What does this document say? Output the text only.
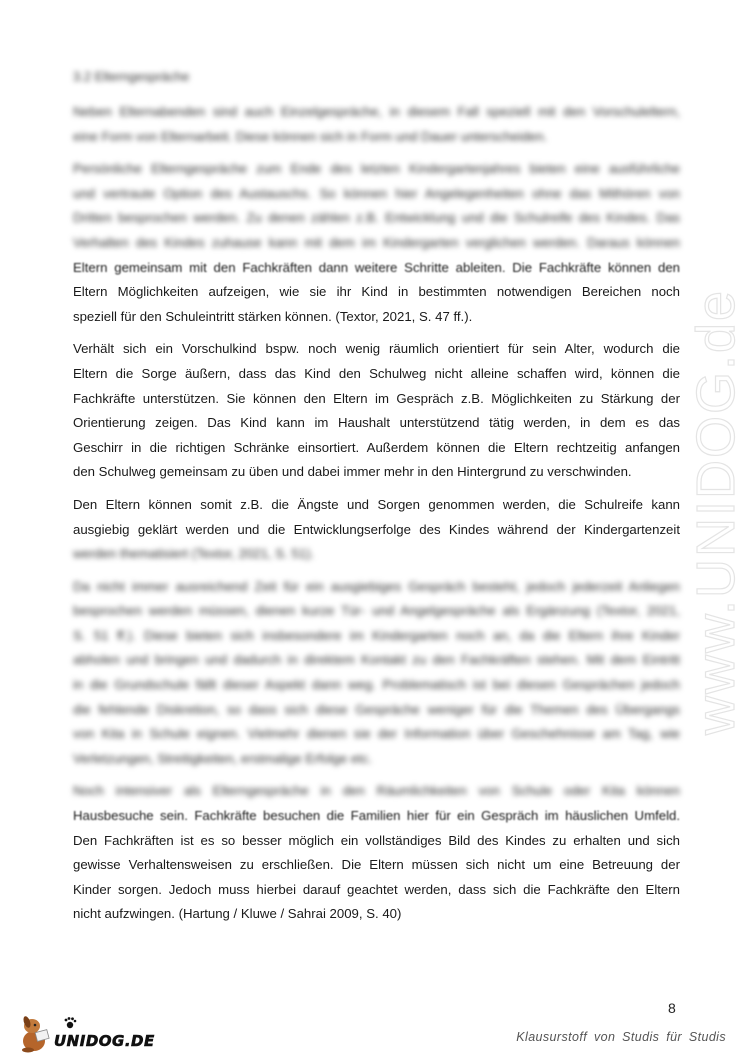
3.2 Elterngespräche
Neben Elternabenden sind auch Einzelgespräche, in diesem Fall speziell mit den Vorschuleltern,
eine Form von Elternarbeit. Diese können sich in Form und Dauer unterscheiden.
Persönliche Elterngespräche zum Ende des letzten Kindergartenjahres bieten eine ausführliche
und vertraute Option des Austauschs. So können hier Angelegenheiten ohne das Mithören von
Dritten besprochen werden. Zu denen zählen z.B. Entwicklung und die Schulreife des Kindes. Das
Verhalten des Kindes zuhause kann mit dem im Kindergarten verglichen werden. Daraus können
Eltern gemeinsam mit den Fachkräften dann weitere Schritte ableiten. Die Fachkräfte können den
Eltern Möglichkeiten aufzeigen, wie sie ihr Kind in bestimmten notwendigen Bereichen noch
speziell für den Schuleintritt stärken können. (Textor, 2021, S. 47 ff.).
Verhält sich ein Vorschulkind bspw. noch wenig räumlich orientiert für sein Alter, wodurch die
Eltern die Sorge äußern, dass das Kind den Schulweg nicht alleine schaffen wird, können die
Fachkräfte unterstützen. Sie können den Eltern im Gespräch z.B. Möglichkeiten zu Stärkung der
Orientierung zeigen. Das Kind kann im Haushalt unterstützend tätig werden, in dem es das
Geschirr in die richtigen Schränke einsortiert. Außerdem können die Eltern rechtzeitig anfangen
den Schulweg gemeinsam zu üben und dabei immer mehr in den Hintergrund zu verschwinden.
Den Eltern können somit z.B. die Ängste und Sorgen genommen werden, die Schulreife kann
ausgiebig geklärt werden und die Entwicklungserfolge des Kindes während der Kindergartenzeit
werden thematisiert (Textor, 2021, S. 51).
Da nicht immer ausreichend Zeit für ein ausgiebiges Gespräch besteht, jedoch jederzeit Anliegen
besprochen werden müssen, dienen kurze Tür- und Angelgespräche als Ergänzung (Textor, 2021,
S. 51 ff.). Diese bieten sich insbesondere im Kindergarten noch an, da die Eltern ihre Kinder
abholen und bringen und dadurch in direktem Kontakt zu den Fachkräften stehen. Mit dem Eintritt
in die Grundschule fällt dieser Aspekt dann weg. Problematisch ist bei diesen Gesprächen jedoch
die fehlende Diskretion, so dass sich diese Gespräche weniger für die Themen des Übergangs
von Kita in Schule eignen. Vielmehr dienen sie der Information über Geschehnisse am Tag, wie
Verletzungen, Streitigkeiten, erstmalige Erfolge etc.
Noch intensiver als Elterngespräche in den Räumlichkeiten von Schule oder Kita können
Hausbesuche sein. Fachkräfte besuchen die Familien hier für ein Gespräch im häuslichen Umfeld.
Den Fachkräften ist es so besser möglich ein vollständiges Bild des Kindes zu erhalten und sich
gewisse Verhaltensweisen zu erschließen. Die Eltern müssen sich nicht um eine Betreuung der
Kinder sorgen. Jedoch muss hierbei darauf geachtet werden, dass sich die Fachkräfte den Eltern
nicht aufzwingen. (Hartung / Kluwe / Sahrai 2009, S. 40)
www.UNIDOG.de
8
UNIDOG.DE	Klausurstoff von Studis für Studis
